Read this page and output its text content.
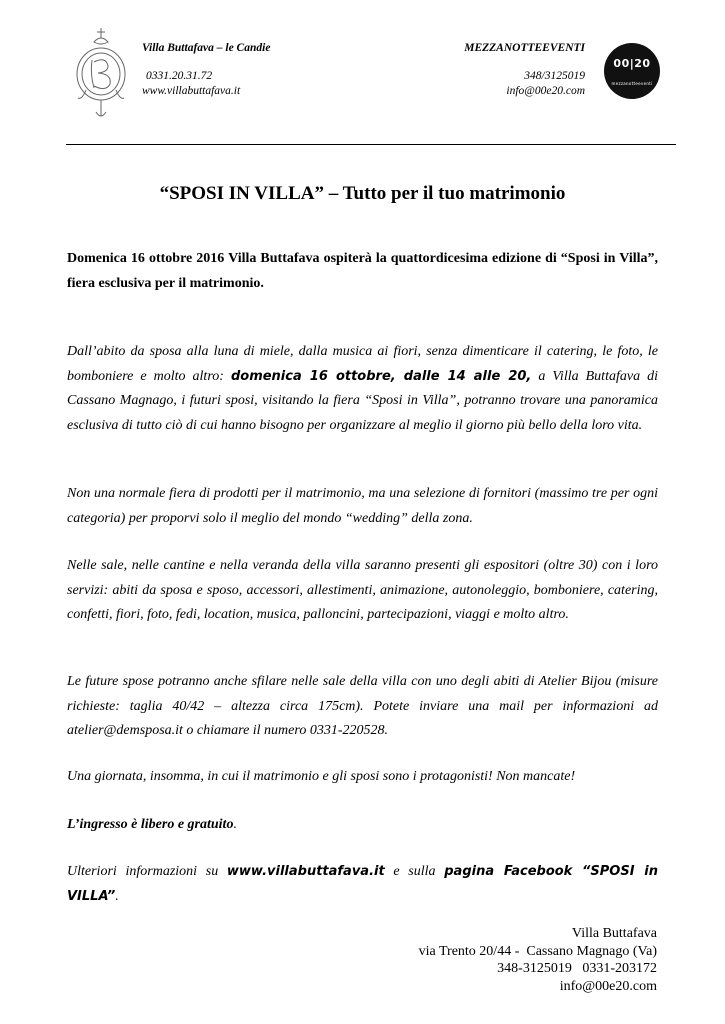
Villa Buttafava – le Candie
0331.20.31.72
www.villabuttafava.it
MEZZANOTTEEVENTI
348/3125019
info@00e20.com
00|20
mezzanotteeventi
“SPOSI IN VILLA” – Tutto per il tuo matrimonio
Domenica 16 ottobre 2016 Villa Buttafava ospiterà la quattordicesima edizione di “Sposi in Villa”, fiera esclusiva per il matrimonio.
Dall’abito da sposa alla luna di miele, dalla musica ai fiori, senza dimenticare il catering, le foto, le bomboniere e molto altro: domenica 16 ottobre, dalle 14 alle 20, a Villa Buttafava di Cassano Magnago, i futuri sposi, visitando la fiera “Sposi in Villa”, potranno trovare una panoramica esclusiva di tutto ciò di cui hanno bisogno per organizzare al meglio il giorno più bello della loro vita.
Non una normale fiera di prodotti per il matrimonio, ma una selezione di fornitori (massimo tre per ogni categoria) per proporvi solo il meglio del mondo “wedding” della zona.
Nelle sale, nelle cantine e nella veranda della villa saranno presenti gli espositori (oltre 30) con i loro servizi: abiti da sposa e sposo, accessori, allestimenti, animazione, autonoleggio, bomboniere, catering, confetti, fiori, foto, fedi, location, musica, palloncini, partecipazioni, viaggi e molto altro.
Le future spose potranno anche sfilare nelle sale della villa con uno degli abiti di Atelier Bijou (misure richieste: taglia 40/42 – altezza circa 175cm). Potete inviare una mail per informazioni ad atelier@demsposa.it o chiamare il numero 0331-220528.
Una giornata, insomma, in cui il matrimonio e gli sposi sono i protagonisti! Non mancate!
L’ingresso è libero e gratuito.
Ulteriori informazioni su www.villabuttafava.it e sulla pagina Facebook “SPOSI in VILLA”.
Villa Buttafava
via Trento 20/44 -  Cassano Magnago (Va)
348-3125019   0331-203172
info@00e20.com
